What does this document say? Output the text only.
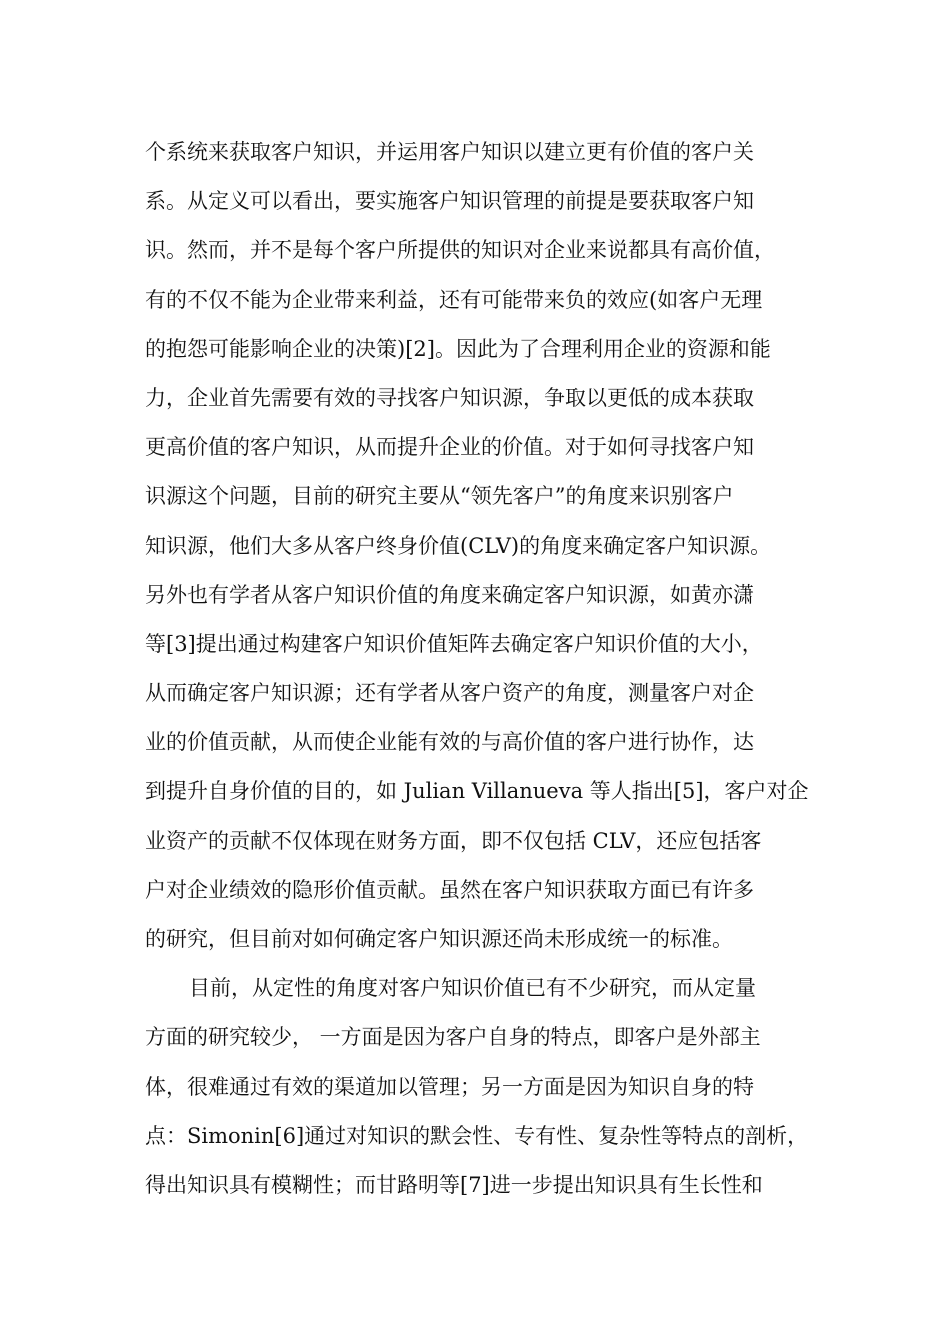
个系统来获取客户知识，并运用客户知识以建立更有价值的客户关
系。从定义可以看出，要实施客户知识管理的前提是要获取客户知
识。然而，并不是每个客户所提供的知识对企业来说都具有高价值，
有的不仅不能为企业带来利益，还有可能带来负的效应(如客户无理
的抱怨可能影响企业的决策)[2]。因此为了合理利用企业的资源和能
力，企业首先需要有效的寻找客户知识源，争取以更低的成本获取
更高价值的客户知识，从而提升企业的价值。对于如何寻找客户知
识源这个问题，目前的研究主要从“领先客户”的角度来识别客户
知识源，他们大多从客户终身价值(CLV)的角度来确定客户知识源。
另外也有学者从客户知识价值的角度来确定客户知识源，如黄亦潇
等[3]提出通过构建客户知识价值矩阵去确定客户知识价值的大小，
从而确定客户知识源；还有学者从客户资产的角度，测量客户对企
业的价值贡献，从而使企业能有效的与高价值的客户进行协作，达
到提升自身价值的目的，如 Julian Villanueva 等人指出[5]，客户对企
业资产的贡献不仅体现在财务方面，即不仅包括 CLV，还应包括客
户对企业绩效的隐形价值贡献。虽然在客户知识获取方面已有许多
的研究，但目前对如何确定客户知识源还尚未形成统一的标准。
目前，从定性的角度对客户知识价值已有不少研究，而从定量
方面的研究较少， 一方面是因为客户自身的特点，即客户是外部主
体，很难通过有效的渠道加以管理；另一方面是因为知识自身的特
点：Simonin[6]通过对知识的默会性、专有性、复杂性等特点的剖析，
得出知识具有模糊性；而甘路明等[7]进一步提出知识具有生长性和
